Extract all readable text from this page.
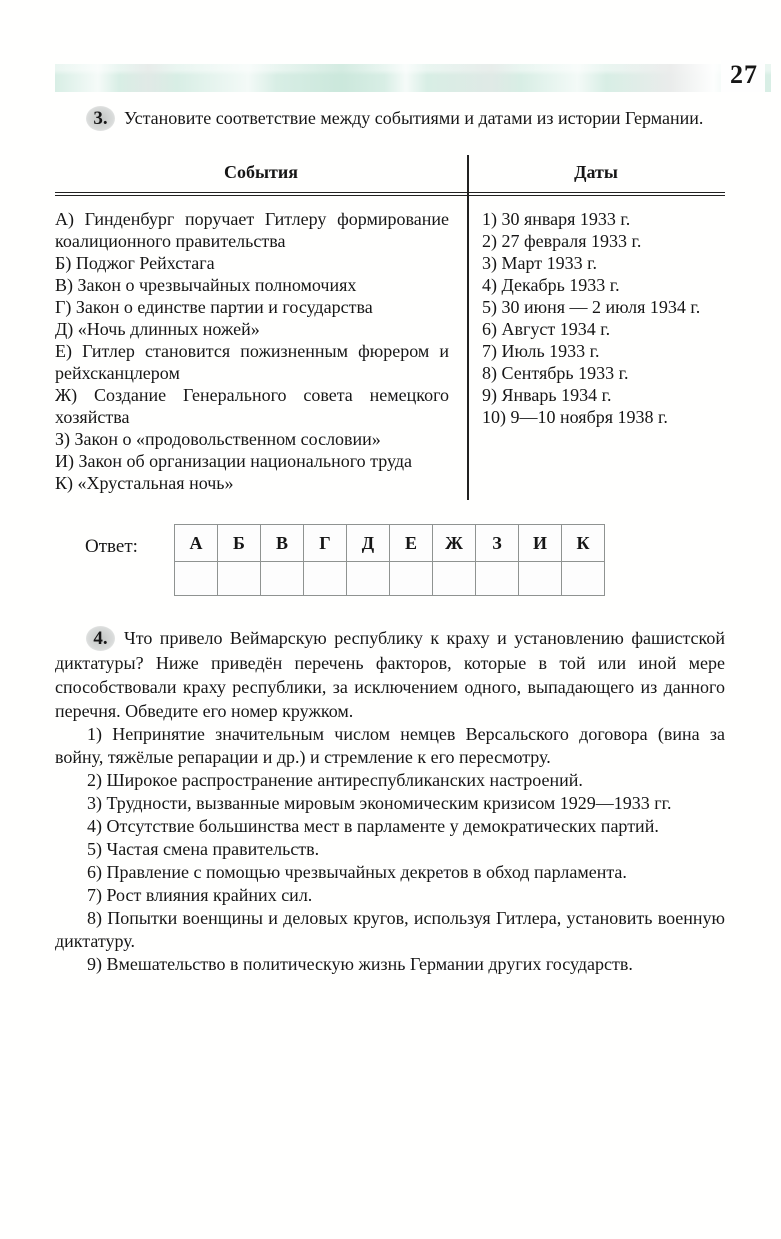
27

3. Установите соответствие между событиями и датами из истории Германии.

События	Даты

А) Гинденбург поручает Гитлеру формирование коалиционного правительства

Б) Поджог Рейхстага

В) Закон о чрезвычайных полномочиях

Г) Закон о единстве партии и государства

Д) «Ночь длинных ножей»

Е) Гитлер становится пожизненным фюрером и рейхсканцлером

Ж) Создание Генерального совета немецкого хозяйства

З) Закон о «продовольственном сословии»

И) Закон об организации национального труда

К) «Хрустальная ночь»

1) 30 января 1933 г.

2) 27 февраля 1933 г.

3) Март 1933 г.

4) Декабрь 1933 г.

5) 30 июня — 2 июля 1934 г.

6) Август 1934 г.

7) Июль 1933 г.

8) Сентябрь 1933 г.

9) Январь 1934 г.

10) 9—10 ноября 1938 г.

Ответ:	А	Б	В	Г	Д	Е	Ж	З	И	К

4. Что привело Веймарскую республику к краху и установлению фашистской диктатуры? Ниже приведён перечень факторов, которые в той или иной мере способствовали краху республики, за исключением одного, выпадающего из данного перечня. Обведите его номер кружком.

1) Непринятие значительным числом немцев Версальского договора (вина за войну, тяжёлые репарации и др.) и стремление к его пересмотру.

2) Широкое распространение антиреспубликанских настроений.

3) Трудности, вызванные мировым экономическим кризисом 1929—1933 гг.

4) Отсутствие большинства мест в парламенте у демократических партий.

5) Частая смена правительств.

6) Правление с помощью чрезвычайных декретов в обход парламента.

7) Рост влияния крайних сил.

8) Попытки военщины и деловых кругов, используя Гитлера, установить военную диктатуру.

9) Вмешательство в политическую жизнь Германии других государств.
